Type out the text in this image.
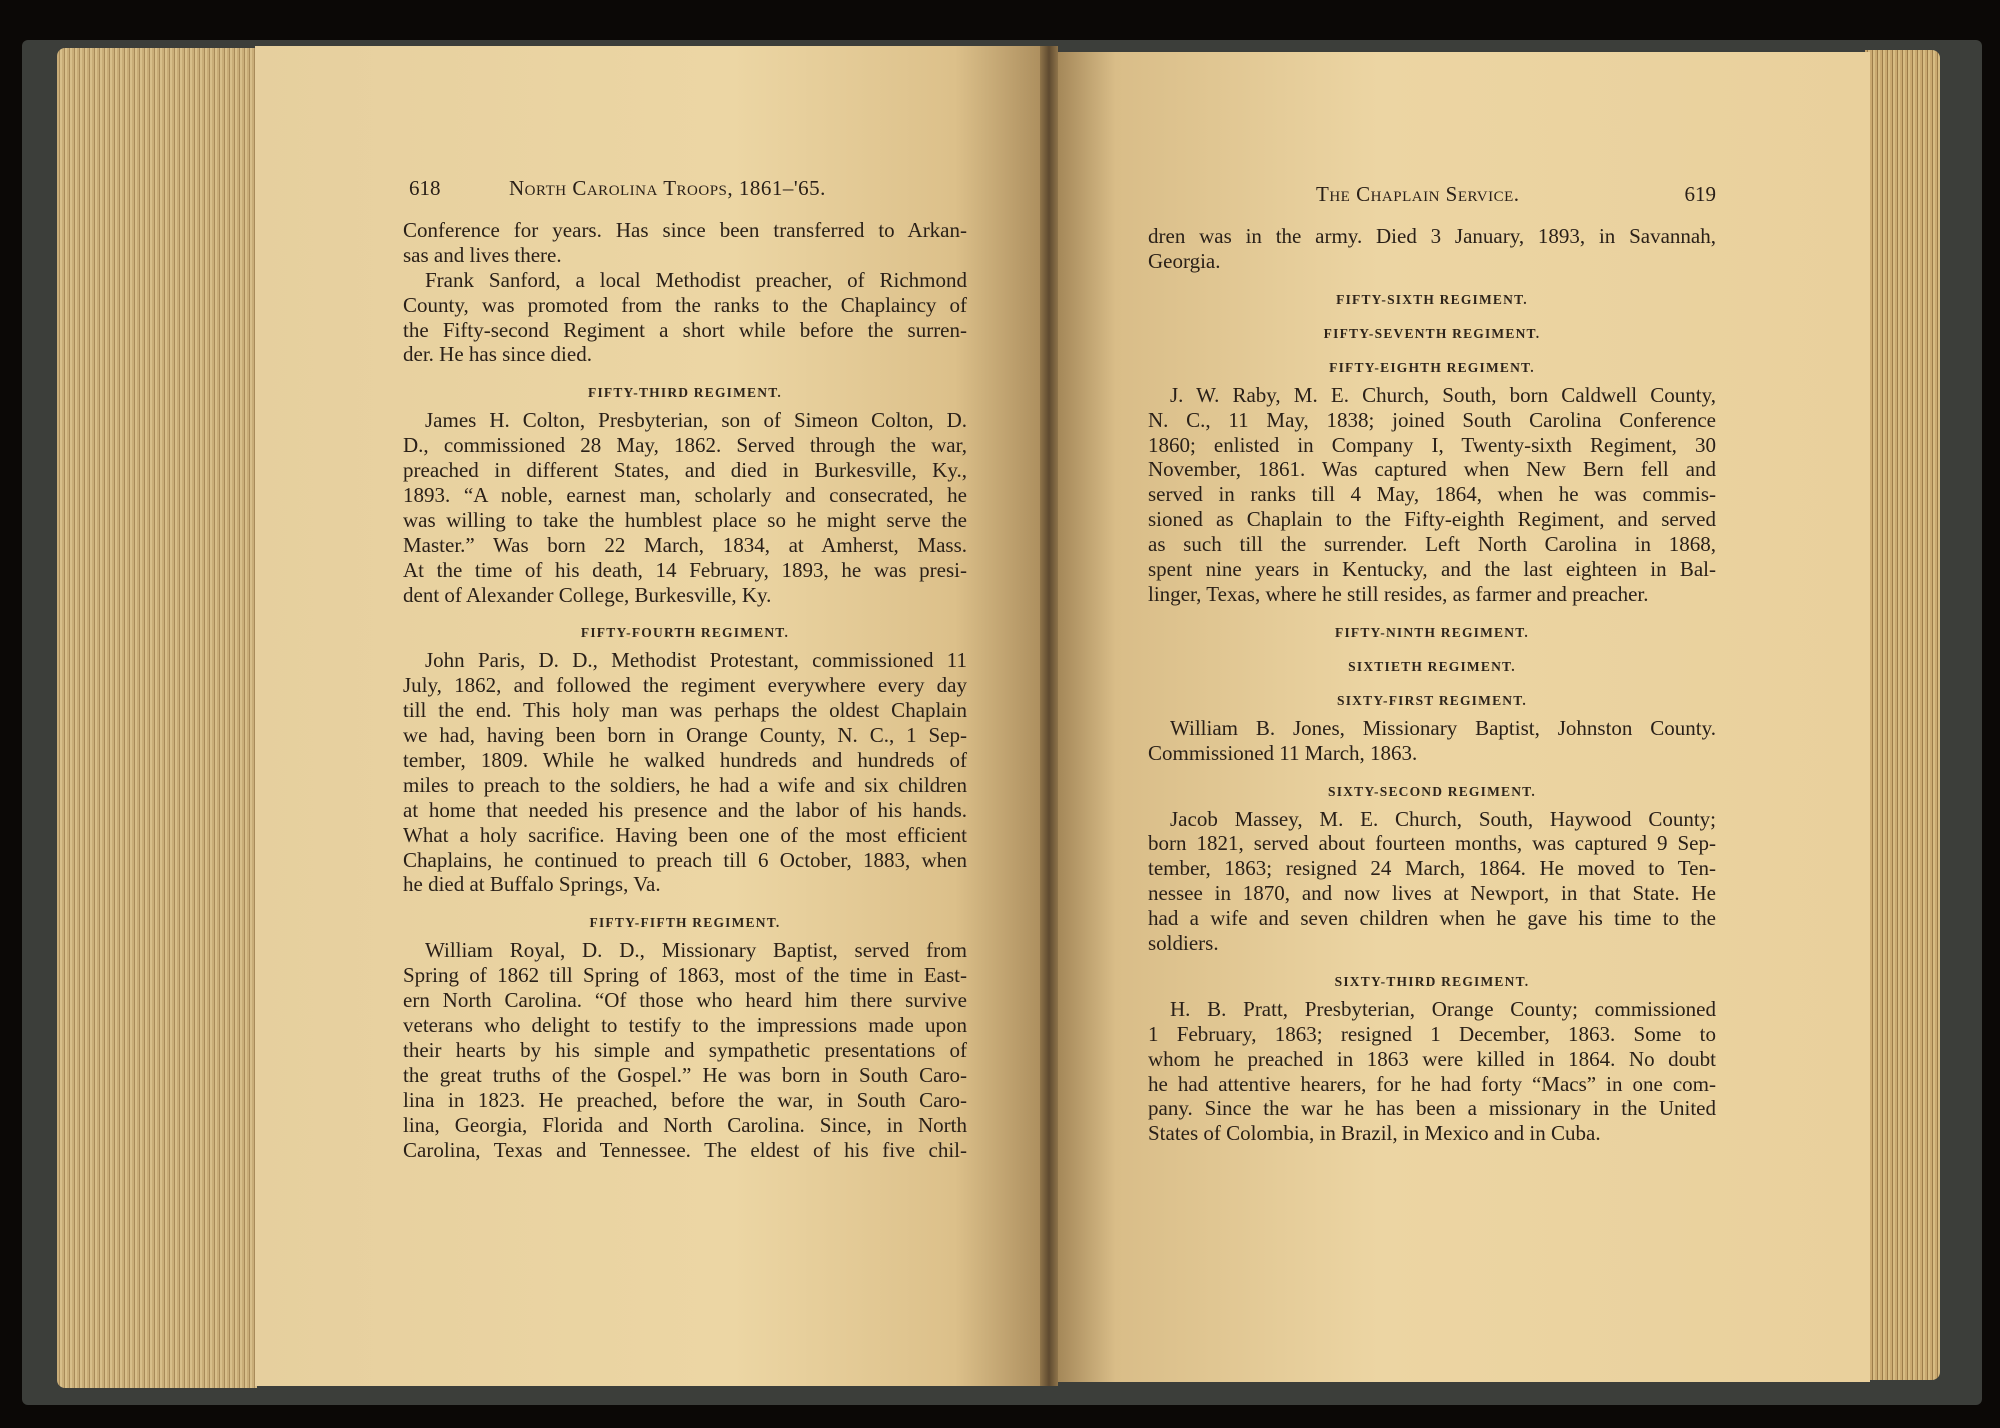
618	North Carolina Troops, 1861–'65.
Conference for years. Has since been transferred to Arkan-
sas and lives there.
Frank Sanford, a local Methodist preacher, of Richmond
County, was promoted from the ranks to the Chaplaincy of
the Fifty-second Regiment a short while before the surren-
der. He has since died.
FIFTY-THIRD REGIMENT.
James H. Colton, Presbyterian, son of Simeon Colton, D.
D., commissioned 28 May, 1862. Served through the war,
preached in different States, and died in Burkesville, Ky.,
1893. “A noble, earnest man, scholarly and consecrated, he
was willing to take the humblest place so he might serve the
Master.” Was born 22 March, 1834, at Amherst, Mass.
At the time of his death, 14 February, 1893, he was presi-
dent of Alexander College, Burkesville, Ky.
FIFTY-FOURTH REGIMENT.
John Paris, D. D., Methodist Protestant, commissioned 11
July, 1862, and followed the regiment everywhere every day
till the end. This holy man was perhaps the oldest Chaplain
we had, having been born in Orange County, N. C., 1 Sep-
tember, 1809. While he walked hundreds and hundreds of
miles to preach to the soldiers, he had a wife and six children
at home that needed his presence and the labor of his hands.
What a holy sacrifice. Having been one of the most efficient
Chaplains, he continued to preach till 6 October, 1883, when
he died at Buffalo Springs, Va.
FIFTY-FIFTH REGIMENT.
William Royal, D. D., Missionary Baptist, served from
Spring of 1862 till Spring of 1863, most of the time in East-
ern North Carolina. “Of those who heard him there survive
veterans who delight to testify to the impressions made upon
their hearts by his simple and sympathetic presentations of
the great truths of the Gospel.” He was born in South Caro-
lina in 1823. He preached, before the war, in South Caro-
lina, Georgia, Florida and North Carolina. Since, in North
Carolina, Texas and Tennessee. The eldest of his five chil-
The Chaplain Service.	619
dren was in the army. Died 3 January, 1893, in Savannah,
Georgia.
FIFTY-SIXTH REGIMENT.
FIFTY-SEVENTH REGIMENT.
FIFTY-EIGHTH REGIMENT.
J. W. Raby, M. E. Church, South, born Caldwell County,
N. C., 11 May, 1838; joined South Carolina Conference
1860; enlisted in Company I, Twenty-sixth Regiment, 30
November, 1861. Was captured when New Bern fell and
served in ranks till 4 May, 1864, when he was commis-
sioned as Chaplain to the Fifty-eighth Regiment, and served
as such till the surrender. Left North Carolina in 1868,
spent nine years in Kentucky, and the last eighteen in Bal-
linger, Texas, where he still resides, as farmer and preacher.
FIFTY-NINTH REGIMENT.
SIXTIETH REGIMENT.
SIXTY-FIRST REGIMENT.
William B. Jones, Missionary Baptist, Johnston County.
Commissioned 11 March, 1863.
SIXTY-SECOND REGIMENT.
Jacob Massey, M. E. Church, South, Haywood County;
born 1821, served about fourteen months, was captured 9 Sep-
tember, 1863; resigned 24 March, 1864. He moved to Ten-
nessee in 1870, and now lives at Newport, in that State. He
had a wife and seven children when he gave his time to the
soldiers.
SIXTY-THIRD REGIMENT.
H. B. Pratt, Presbyterian, Orange County; commissioned
1 February, 1863; resigned 1 December, 1863. Some to
whom he preached in 1863 were killed in 1864. No doubt
he had attentive hearers, for he had forty “Macs” in one com-
pany. Since the war he has been a missionary in the United
States of Colombia, in Brazil, in Mexico and in Cuba.
